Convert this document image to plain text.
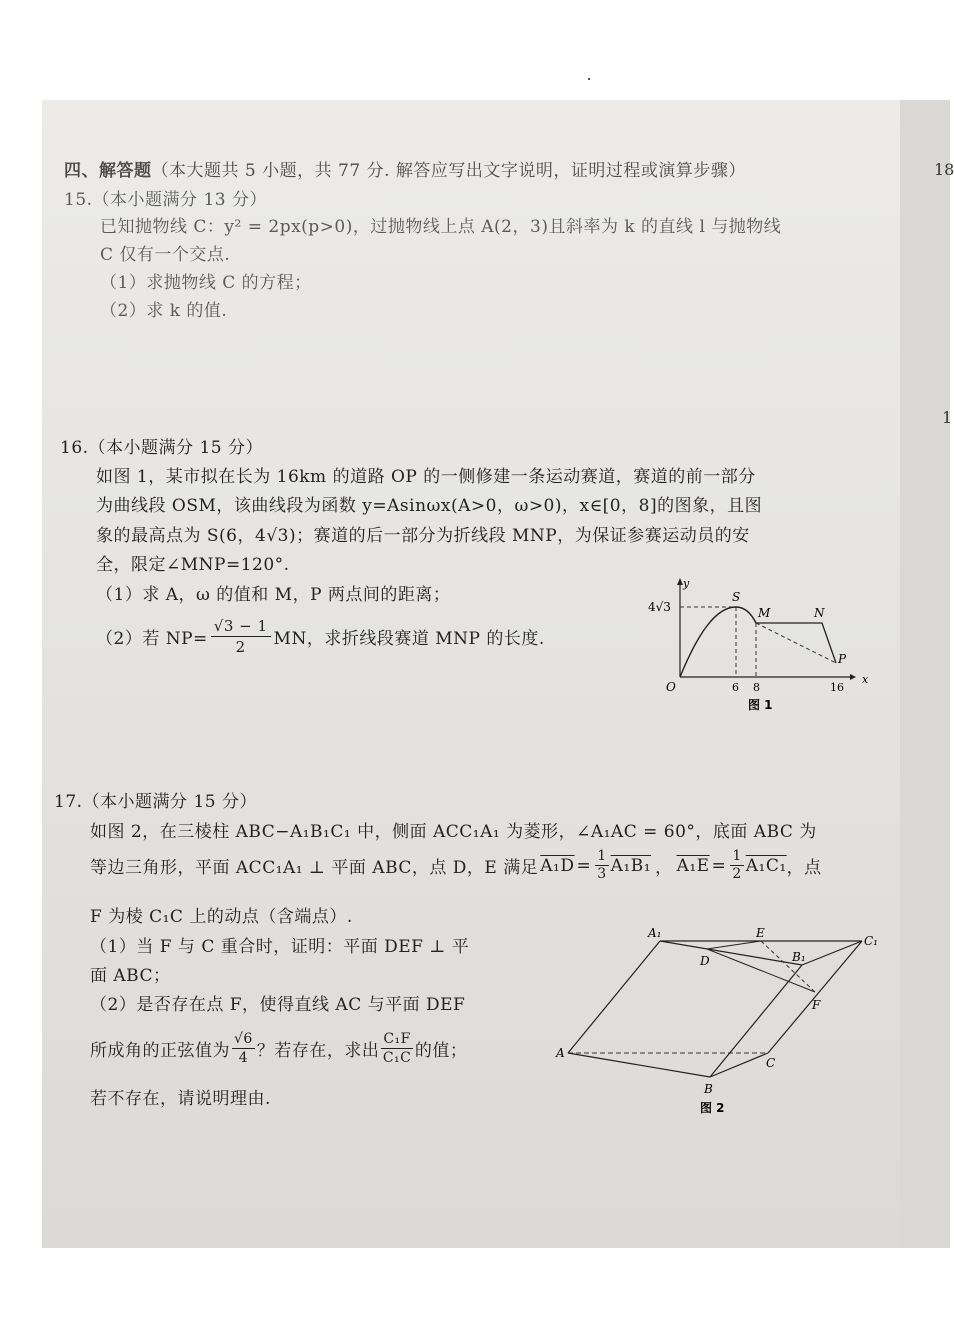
18
1
四、解答题（本大题共 5 小题，共 77 分. 解答应写出文字说明，证明过程或演算步骤）
15.（本小题满分 13 分）
已知抛物线 C：y² = 2px(p>0)，过抛物线上点 A(2，3)且斜率为 k 的直线 l 与抛物线
C 仅有一个交点.
（1）求抛物线 C 的方程；
（2）求 k 的值.
16.（本小题满分 15 分）
如图 1，某市拟在长为 16km 的道路 OP 的一侧修建一条运动赛道，赛道的前一部分
为曲线段 OSM，该曲线段为函数 y=Asinωx(A>0，ω>0)，x∈[0，8]的图象，且图
象的最高点为 S(6，4√3)；赛道的后一部分为折线段 MNP，为保证参赛运动员的安
全，限定∠MNP=120°.
（1）求 A，ω 的值和 M，P 两点间的距离；
（2）若 $NP= \frac{√3 - 1}{2}$ MN，求折线段赛道 MNP 的长度.
y
x
O
S
M	N
P
4√3
6 8	16
图 1
17.（本小题满分 15 分）
如图 2，在三棱柱 ABC−A₁B₁C₁ 中，侧面 ACC₁A₁ 为菱形，∠A₁AC = 60°，底面 ABC 为
等边三角形，平面 ACC₁A₁ ⊥ 平面 ABC，点 D，E 满足 $A_1D = \frac{1}{3} A_1B_1$ ， $A_1E = \frac{1}{2} A_1C_1$ ，点
F 为棱 C₁C 上的动点（含端点）.
（1）当 F 与 C 重合时，证明：平面 DEF ⊥ 平
面 ABC；
（2）是否存在点 F，使得直线 AC 与平面 DEF
所成角的正弦值为 $\frac{√6}{4}$ ？若存在，求出 $\frac{\text{C₁F}}{\text{C₁C}}$ 的值；
若不存在，请说明理由.
A₁	E
C₁
D	B₁
F
A
C
B
图 2
